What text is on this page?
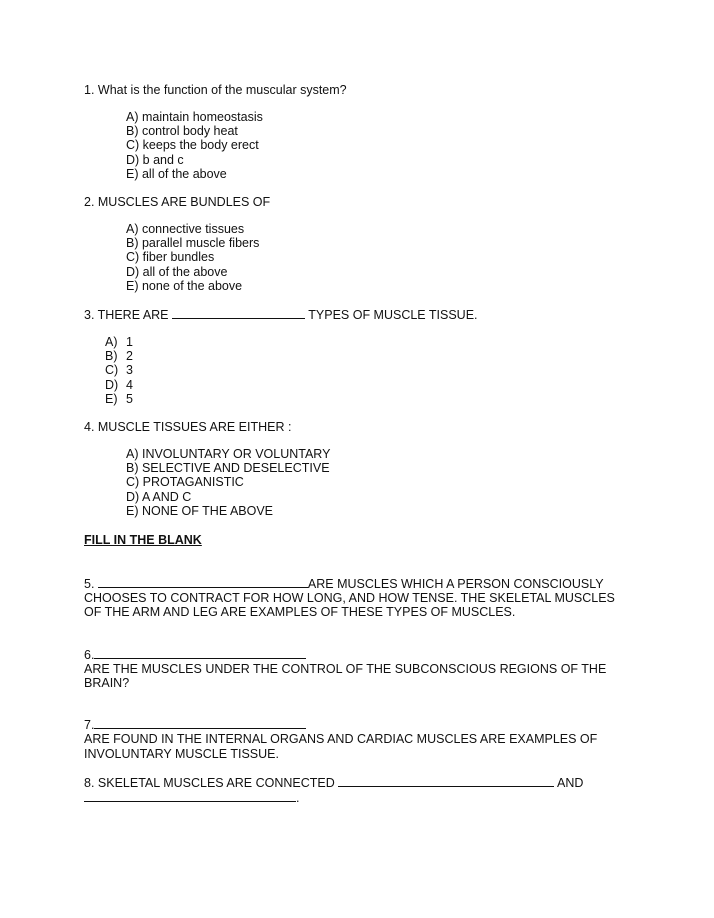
1. What is the function of the muscular system?

A) maintain homeostasis
B) control body heat
C) keeps the body erect
D) b and c
E) all of the above

2. MUSCLES ARE BUNDLES OF

A) connective tissues
B) parallel muscle fibers
C) fiber bundles
D) all of the above
E) none of the above

3. THERE ARE	TYPES OF MUSCLE TISSUE.

A) 1
B) 2
C) 3
D) 4
E) 5

4. MUSCLE TISSUES ARE EITHER :

A) INVOLUNTARY OR VOLUNTARY
B) SELECTIVE AND DESELECTIVE
C) PROTAGANISTIC
D) A AND C
E) NONE OF THE ABOVE
FILL IN THE BLANK

5.	ARE MUSCLES WHICH A PERSON CONSCIOUSLY
CHOOSES TO CONTRACT FOR HOW LONG, AND HOW TENSE. THE SKELETAL MUSCLES OF THE ARM AND LEG ARE EXAMPLES OF THESE TYPES OF MUSCLES.

6.
ARE THE MUSCLES UNDER THE CONTROL OF THE SUBCONSCIOUS REGIONS OF THE BRAIN?

7.
ARE FOUND IN THE INTERNAL ORGANS AND CARDIAC MUSCLES ARE EXAMPLES OF INVOLUNTARY MUSCLE TISSUE.

8. SKELETAL MUSCLES ARE CONNECTED	AND
.
